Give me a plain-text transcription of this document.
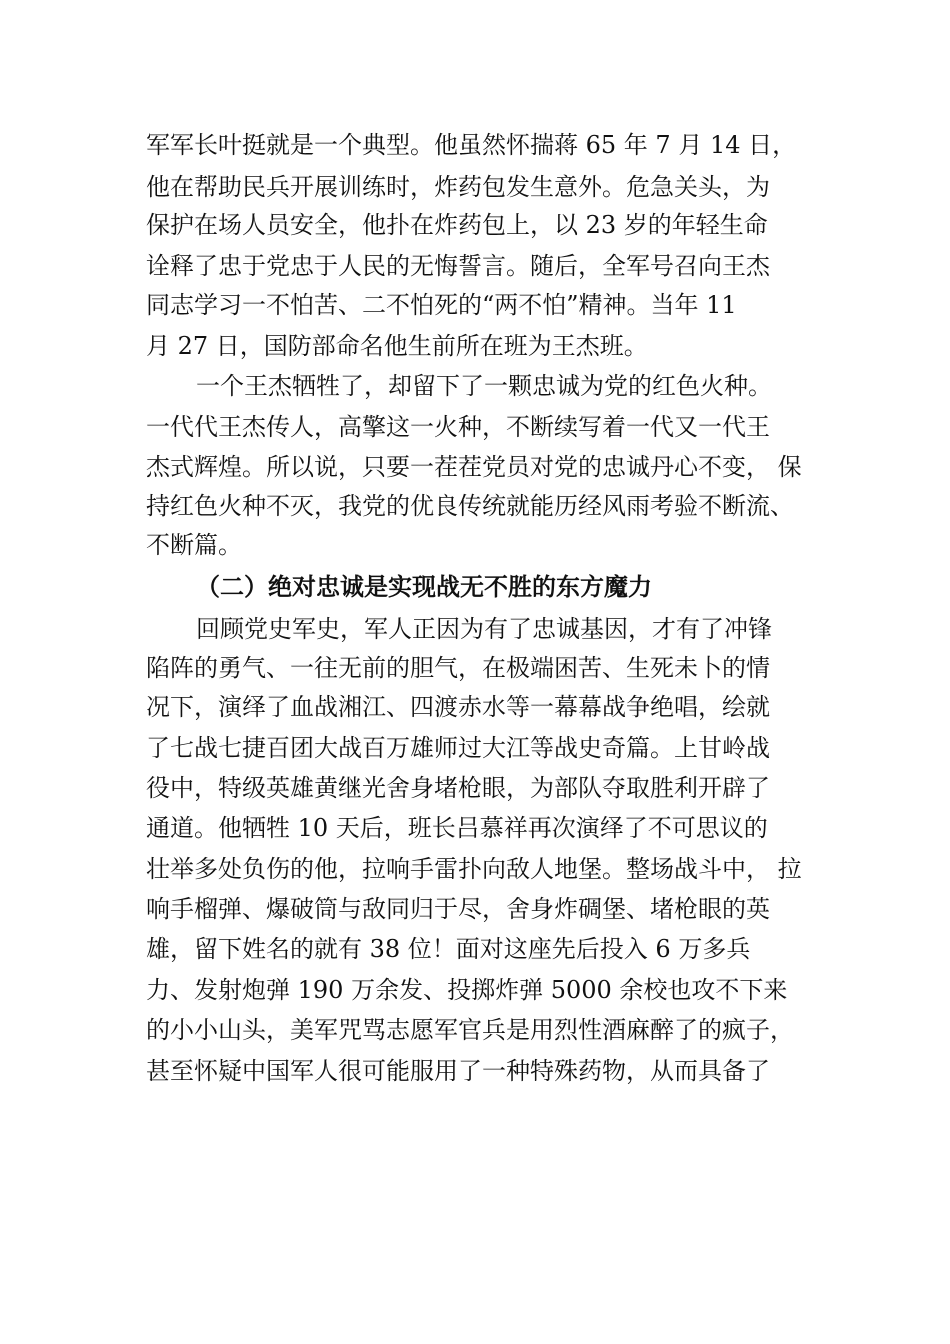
军军长叶挺就是一个典型。他虽然怀揣蒋 65 年 7 月 14 日，
他在帮助民兵开展训练时，炸药包发生意外。危急关头，为
保护在场人员安全，他扑在炸药包上，以 23 岁的年轻生命
诠释了忠于党忠于人民的无悔誓言。随后，全军号召向王杰
同志学习一不怕苦、二不怕死的“两不怕”精神。当年 11
月 27 日，国防部命名他生前所在班为王杰班。
一个王杰牺牲了，却留下了一颗忠诚为党的红色火种。
一代代王杰传人，高擎这一火种，不断续写着一代又一代王
杰式辉煌。所以说，只要一茬茬党员对党的忠诚丹心不变， 保
持红色火种不灭，我党的优良传统就能历经风雨考验不断流、
不断篇。
（二）绝对忠诚是实现战无不胜的东方魔力
回顾党史军史，军人正因为有了忠诚基因，才有了冲锋
陷阵的勇气、一往无前的胆气，在极端困苦、生死未卜的情
况下，演绎了血战湘江、四渡赤水等一幕幕战争绝唱，绘就
了七战七捷百团大战百万雄师过大江等战史奇篇。上甘岭战
役中，特级英雄黄继光舍身堵枪眼，为部队夺取胜利开辟了
通道。他牺牲 10 天后，班长吕慕祥再次演绎了不可思议的
壮举多处负伤的他，拉响手雷扑向敌人地堡。整场战斗中， 拉
响手榴弹、爆破筒与敌同归于尽，舍身炸碉堡、堵枪眼的英
雄，留下姓名的就有 38 位！面对这座先后投入 6 万多兵
力、发射炮弹 190 万余发、投掷炸弹 5000 余校也攻不下来
的小小山头，美军咒骂志愿军官兵是用烈性酒麻醉了的疯子，
甚至怀疑中国军人很可能服用了一种特殊药物，从而具备了
